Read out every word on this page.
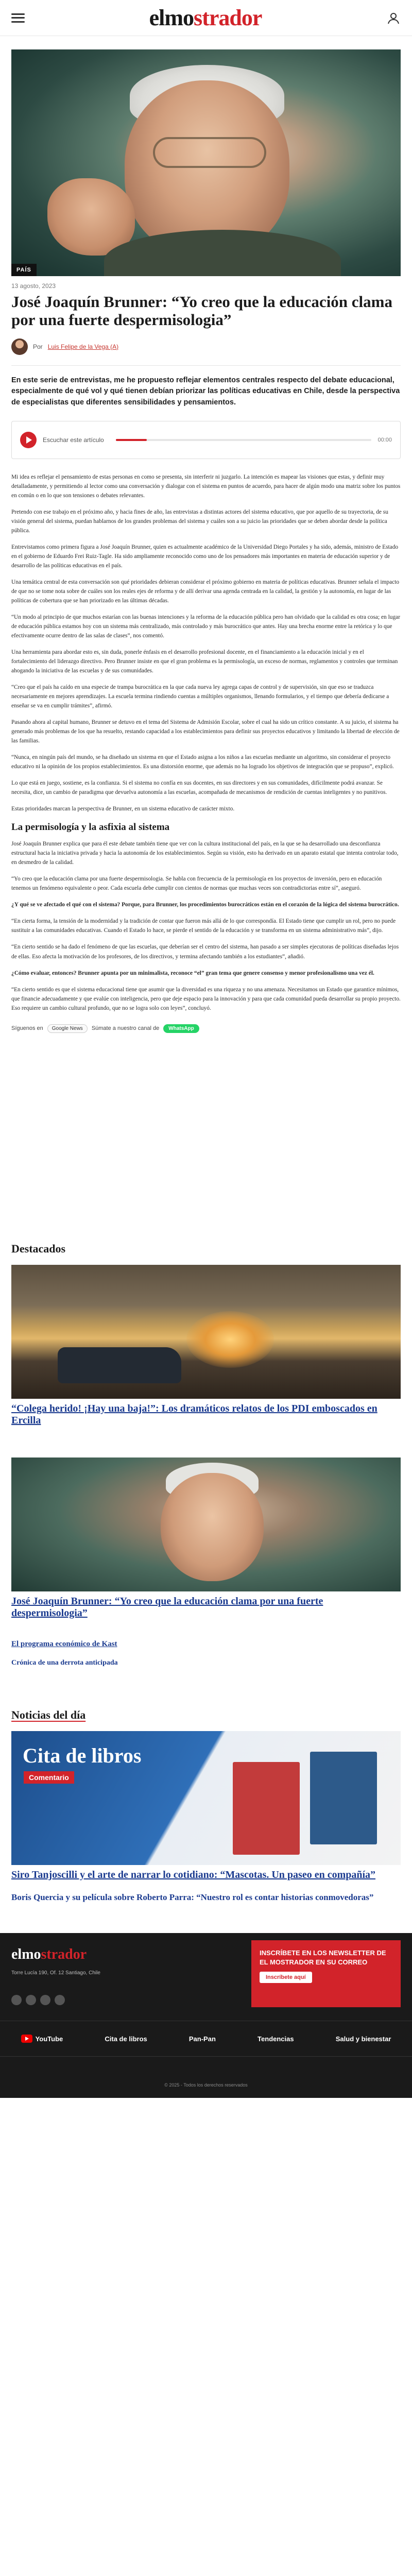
elmostrador
PAÍS
13 agosto, 2023
José Joaquín Brunner: “Yo creo que la educación clama por una fuerte despermisologia”
Por Luis Felipe de la Vega (A)

En este serie de entrevistas, me he propuesto reflejar elementos centrales respecto del debate educacional, especialmente de qué vol y qué tienen debían priorizar las políticas educativas en Chile, desde la perspectiva de especialistas que diferentes sensibilidades y pensamientos.

Escuchar este artículo	00:00

Mi idea es reflejar el pensamiento de estas personas en como se presenta, sin interferir ni juzgarlo. La intención es mapear las visiones que estas, y definir muy detalladamente, y permitiendo al lector como una conversación y dialogar con el sistema en puntos de acuerdo, para hacer de algún modo una matriz sobre los puntos en común o en lo que son tensiones o debates relevantes.

Pretendo con ese trabajo en el próximo año, y hacia fines de año, las entrevistas a distintas actores del sistema educativo, que por aquello de su trayectoria, de su visión general del sistema, puedan hablarnos de los grandes problemas del sistema y cuáles son a su juicio las prioridades que se deben abordar desde la política pública.

Entrevistamos como primera figura a José Joaquín Brunner, quien es actualmente académico de la Universidad Diego Portales y ha sido, además, ministro de Estado en el gobierno de Eduardo Frei Ruiz-Tagle. Ha sido ampliamente reconocido como uno de los pensadores más importantes en materia de educación superior y de desarrollo de las políticas educativas en el país.

Una temática central de esta conversación son qué prioridades debieran considerar el próximo gobierno en materia de políticas educativas. Brunner señala el impacto de que no se tome nota sobre de cuáles son los reales ejes de reforma y de allí derivar una agenda centrada en la calidad, la gestión y la autonomía, en lugar de las políticas de cobertura que se han priorizado en las últimas décadas.

“Un modo al principio de que muchos estarían con las buenas intenciones y la reforma de la educación pública pero han olvidado que la calidad es otra cosa; en lugar de educación pública estamos hoy con un sistema más centralizado, más controlado y más burocrático que antes. Hay una brecha enorme entre la retórica y lo que efectivamente ocurre dentro de las salas de clases”, nos comentó.

Una herramienta para abordar esto es, sin duda, ponerle énfasis en el desarrollo profesional docente, en el financiamiento a la educación inicial y en el fortalecimiento del liderazgo directivo. Pero Brunner insiste en que el gran problema es la permisología, un exceso de normas, reglamentos y controles que terminan ahogando la iniciativa de las escuelas y de sus comunidades.

“Creo que el país ha caído en una especie de trampa burocrática en la que cada nueva ley agrega capas de control y de supervisión, sin que eso se traduzca necesariamente en mejores aprendizajes. La escuela termina rindiendo cuentas a múltiples organismos, llenando formularios, y el tiempo que debería dedicarse a enseñar se va en cumplir trámites”, afirmó.

Pasando ahora al capital humano, Brunner se detuvo en el tema del Sistema de Admisión Escolar, sobre el cual ha sido un crítico constante. A su juicio, el sistema ha generado más problemas de los que ha resuelto, restando capacidad a los establecimientos para definir sus proyectos educativos y limitando la libertad de elección de las familias.

“Nunca, en ningún país del mundo, se ha diseñado un sistema en que el Estado asigna a los niños a las escuelas mediante un algoritmo, sin considerar el proyecto educativo ni la opinión de los propios establecimientos. Es una distorsión enorme, que además no ha logrado los objetivos de integración que se propuso”, explicó.

Lo que está en juego, sostiene, es la confianza. Si el sistema no confía en sus docentes, en sus directores y en sus comunidades, difícilmente podrá avanzar. Se necesita, dice, un cambio de paradigma que devuelva autonomía a las escuelas, acompañada de mecanismos de rendición de cuentas inteligentes y no punitivos.

Estas prioridades marcan la perspectiva de Brunner, en un sistema educativo de carácter mixto.

La permisología y la asfixia al sistema

José Joaquín Brunner explica que para él este debate también tiene que ver con la cultura institucional del país, en la que se ha desarrollado una desconfianza estructural hacia la iniciativa privada y hacia la autonomía de los establecimientos. Según su visión, esto ha derivado en un aparato estatal que intenta controlar todo, en desmedro de la calidad.

“Yo creo que la educación clama por una fuerte despermisologia. Se habla con frecuencia de la permisología en los proyectos de inversión, pero en educación tenemos un fenómeno equivalente o peor. Cada escuela debe cumplir con cientos de normas que muchas veces son contradictorias entre sí”, aseguró.

¿Y qué se ve afectado el qué con el sistema? Porque, para Brunner, los procedimientos burocráticos están en el corazón de la lógica del sistema burocrático.

“En cierta forma, la tensión de la modernidad y la tradición de contar que fueron más allá de lo que correspondía. El Estado tiene que cumplir un rol, pero no puede sustituir a las comunidades educativas. Cuando el Estado lo hace, se pierde el sentido de la educación y se transforma en un sistema administrativo más”, dijo.

“En cierto sentido se ha dado el fenómeno de que las escuelas, que deberían ser el centro del sistema, han pasado a ser simples ejecutoras de políticas diseñadas lejos de ellas. Eso afecta la motivación de los profesores, de los directivos, y termina afectando también a los estudiantes”, añadió.

¿Cómo evaluar, entonces? Brunner apunta por un minimalista, reconoce “el” gran tema que genere consenso y menor profesionalismo una vez él.

“En cierto sentido es que el sistema educacional tiene que asumir que la diversidad es una riqueza y no una amenaza. Necesitamos un Estado que garantice mínimos, que financie adecuadamente y que evalúe con inteligencia, pero que deje espacio para la innovación y para que cada comunidad pueda desarrollar su propio proyecto. Eso requiere un cambio cultural profundo, que no se logra solo con leyes”, concluyó.

Síguenos en	Google News	Súmate a nuestro canal de	WhatsApp
Destacados
“Colega herido! ¡Hay una baja!”: Los dramáticos relatos de los PDI emboscados en Ercilla
José Joaquín Brunner: “Yo creo que la educación clama por una fuerte despermisologia”
El programa económico de Kast
Crónica de una derrota anticipada
Noticias del día
Cita de libros
Comentario
Siro Tanjoscilli y el arte de narrar lo cotidiano: “Mascotas. Un paseo en compañía”
Boris Quercia y su película sobre Roberto Parra: “Nuestro rol es contar historias conmovedoras”
elmostrador
Torre Lucía 190, Of. 12 Santiago, Chile
INSCRÍBETE EN LOS NEWSLETTER DE EL MOSTRADOR EN SU CORREO
Inscríbete aquí
YouTube	Cita de libros	Pan-Pan	Tendencias	Salud y bienestar
© 2025 - Todos los derechos reservados
